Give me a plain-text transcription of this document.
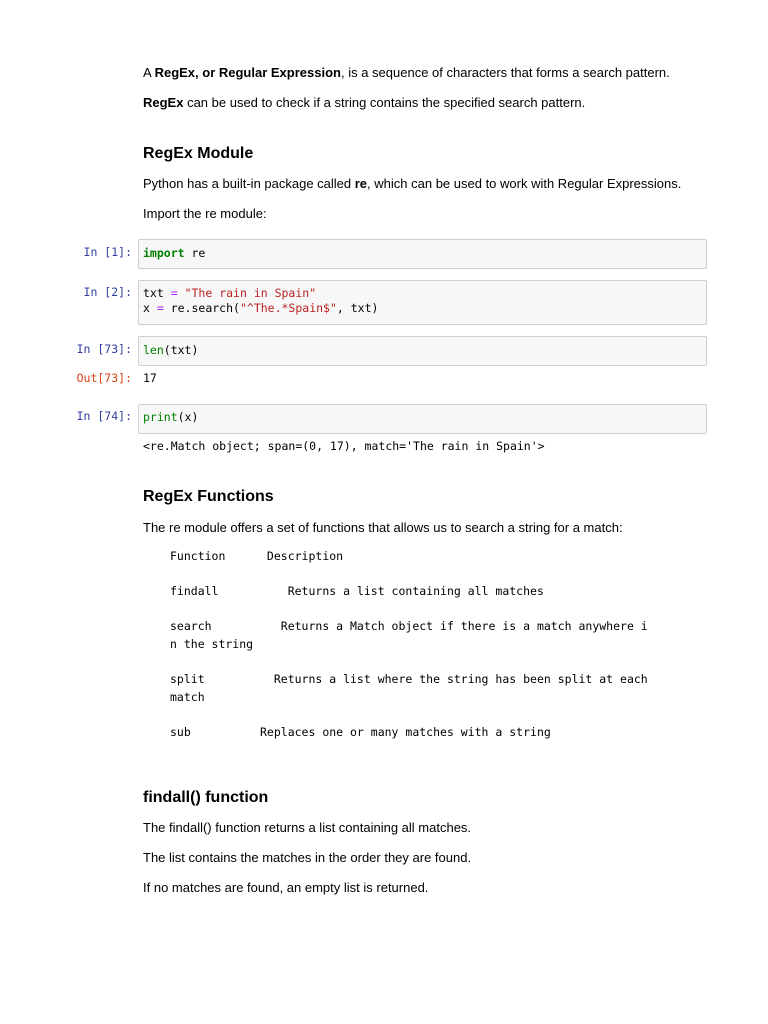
A RegEx, or Regular Expression, is a sequence of characters that forms a search pattern.
RegEx can be used to check if a string contains the specified search pattern.
RegEx Module
Python has a built-in package called re, which can be used to work with Regular Expressions.
Import the re module:
In [1]: import re
In [2]: txt = "The rain in Spain"
x = re.search("^The.*Spain$", txt)
In [73]: len(txt)
Out[73]: 17
In [74]: print(x)
<re.Match object; span=(0, 17), match='The rain in Spain'>
RegEx Functions
The re module offers a set of functions that allows us to search a string for a match:
Function      Description

findall          Returns a list containing all matches

search          Returns a Match object if there is a match anywhere i
n the string

split          Returns a list where the string has been split at each
match

sub          Replaces one or many matches with a string
findall() function
The findall() function returns a list containing all matches.
The list contains the matches in the order they are found.
If no matches are found, an empty list is returned.
